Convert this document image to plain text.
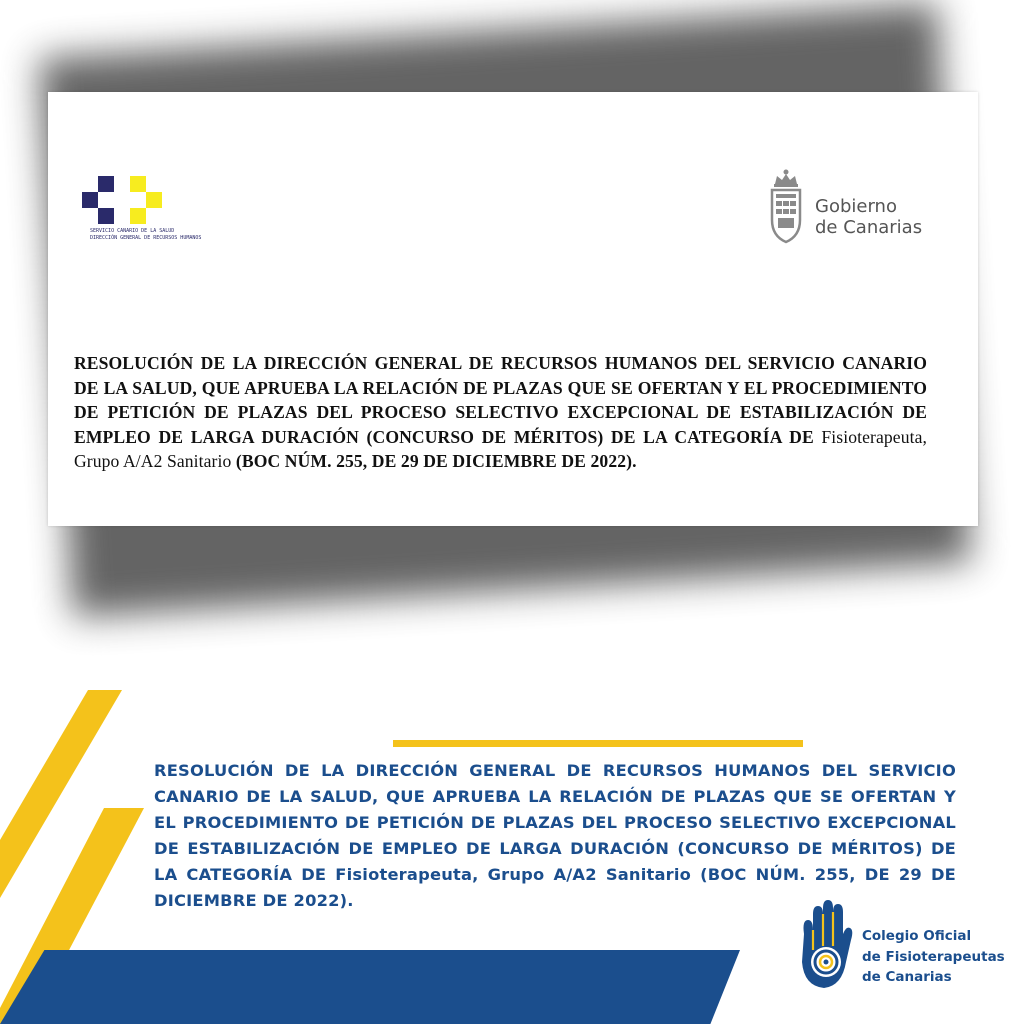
SERVICIO CANARIO DE LA SALUD
DIRECCIÓN GENERAL DE RECURSOS HUMANOS
Gobierno
de Canarias
RESOLUCIÓN DE LA DIRECCIÓN GENERAL DE RECURSOS HUMANOS DEL SERVICIO CANARIO DE LA SALUD, QUE APRUEBA LA RELACIÓN DE PLAZAS QUE SE OFERTAN Y EL PROCEDIMIENTO DE PETICIÓN DE PLAZAS DEL PROCESO SELECTIVO EXCEPCIONAL DE ESTABILIZACIÓN DE EMPLEO DE LARGA DURACIÓN (CONCURSO DE MÉRITOS) DE LA CATEGORÍA DE Fisioterapeuta, Grupo A/A2 Sanitario (BOC NÚM. 255, DE 29 DE DICIEMBRE DE 2022).
RESOLUCIÓN DE LA DIRECCIÓN GENERAL DE RECURSOS HUMANOS DEL SERVICIO CANARIO DE LA SALUD, QUE APRUEBA LA RELACIÓN DE PLAZAS QUE SE OFERTAN Y EL PROCEDIMIENTO DE PETICIÓN DE PLAZAS DEL PROCESO SELECTIVO EXCEPCIONAL DE ESTABILIZACIÓN DE EMPLEO DE LARGA DURACIÓN (CONCURSO DE MÉRITOS) DE LA CATEGORÍA DE Fisioterapeuta, Grupo A/A2 Sanitario (BOC NÚM. 255, DE 29 DE DICIEMBRE DE 2022).
Colegio Oficial
de Fisioterapeutas
de Canarias
